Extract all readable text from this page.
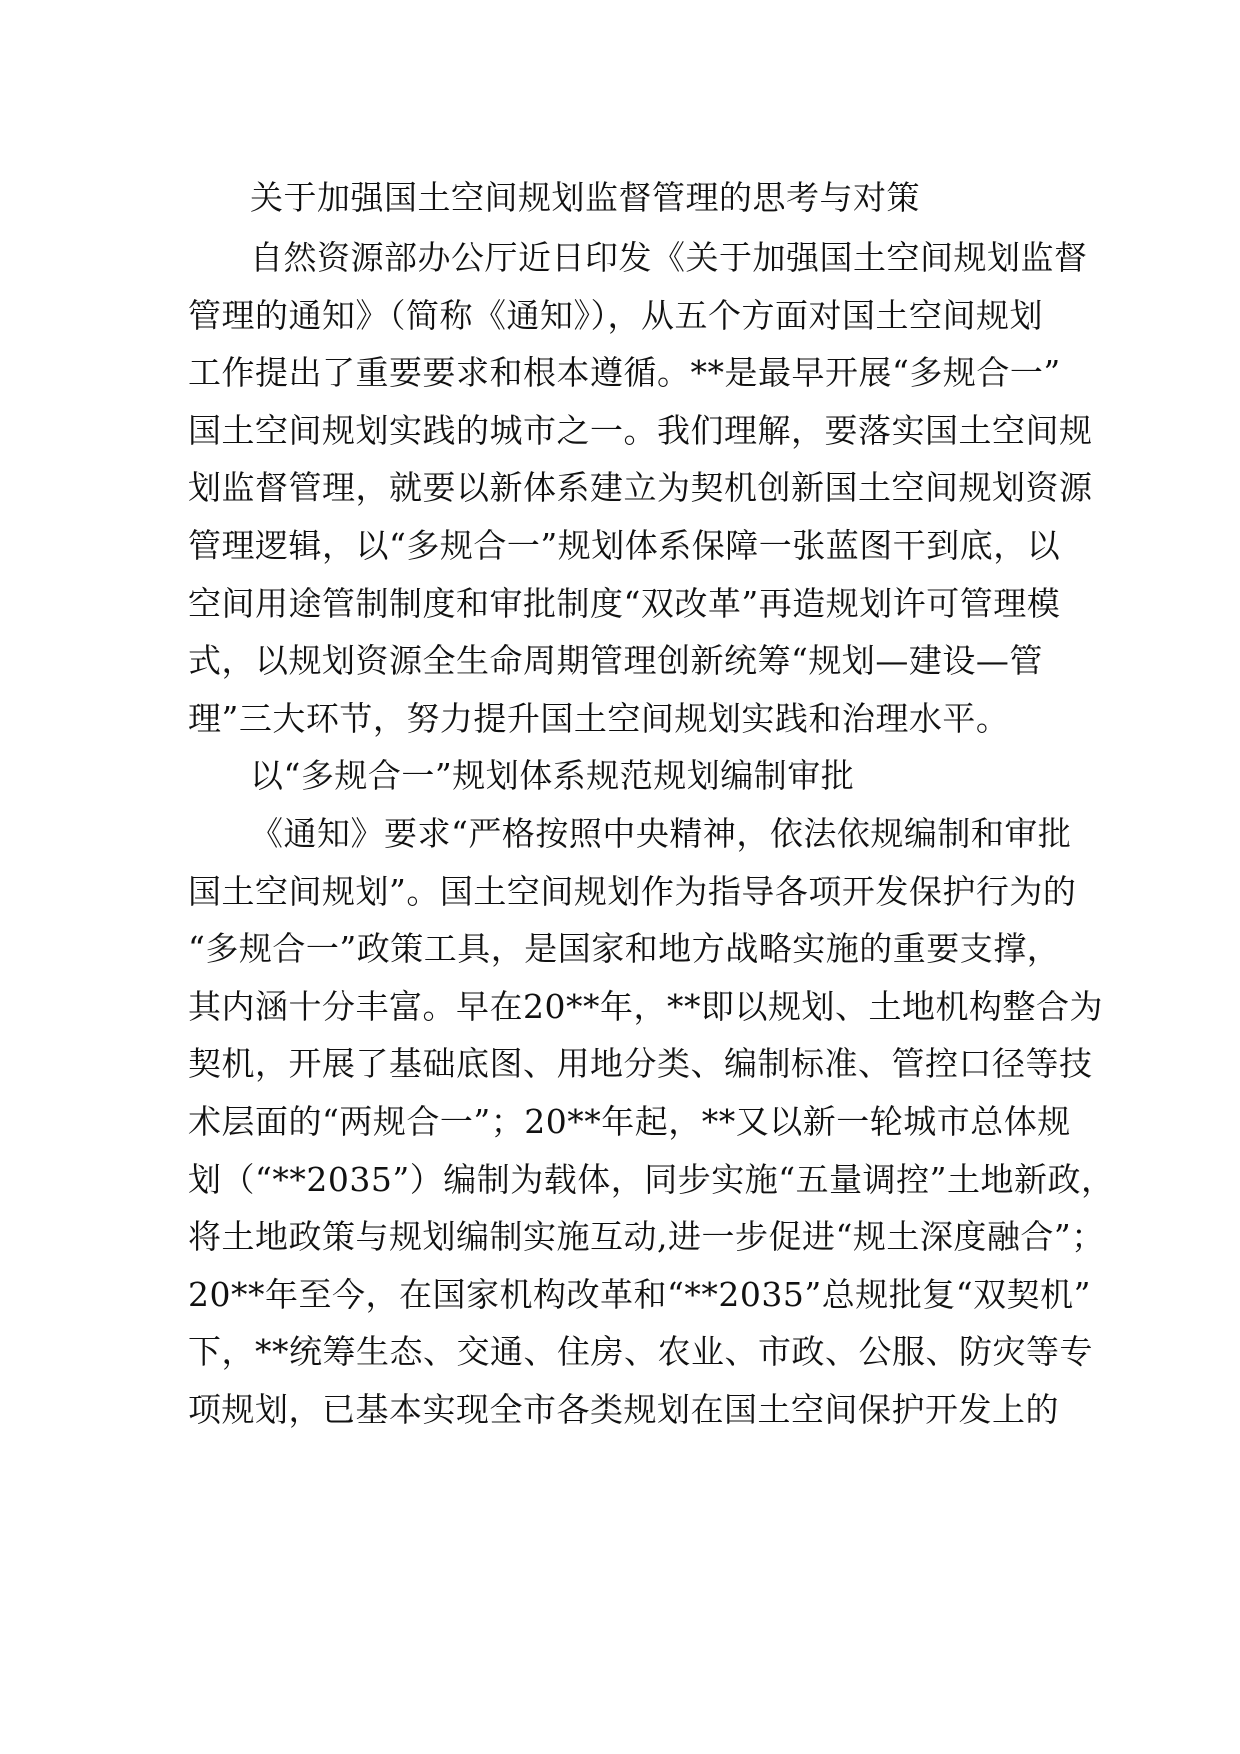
关于加强国土空间规划监督管理的思考与对策
自然资源部办公厅近日印发《关于加强国土空间规划监督
管理的通知》（简称《通知》），从五个方面对国土空间规划
工作提出了重要要求和根本遵循。**是最早开展“多规合一”
国土空间规划实践的城市之一。我们理解，要落实国土空间规
划监督管理，就要以新体系建立为契机创新国土空间规划资源
管理逻辑，以“多规合一”规划体系保障一张蓝图干到底，以
空间用途管制制度和审批制度“双改革”再造规划许可管理模
式，以规划资源全生命周期管理创新统筹“规划—建设—管
理”三大环节，努力提升国土空间规划实践和治理水平。
以“多规合一”规划体系规范规划编制审批
《通知》要求“严格按照中央精神，依法依规编制和审批
国土空间规划”。国土空间规划作为指导各项开发保护行为的
“多规合一”政策工具，是国家和地方战略实施的重要支撑，
其内涵十分丰富。早在20**年，**即以规划、土地机构整合为
契机，开展了基础底图、用地分类、编制标准、管控口径等技
术层面的“两规合一”；20**年起，**又以新一轮城市总体规
划（“**2035”）编制为载体，同步实施“五量调控”土地新政，
将土地政策与规划编制实施互动,进一步促进“规土深度融合”；
20**年至今，在国家机构改革和“**2035”总规批复“双契机”
下，**统筹生态、交通、住房、农业、市政、公服、防灾等专
项规划，已基本实现全市各类规划在国土空间保护开发上的
